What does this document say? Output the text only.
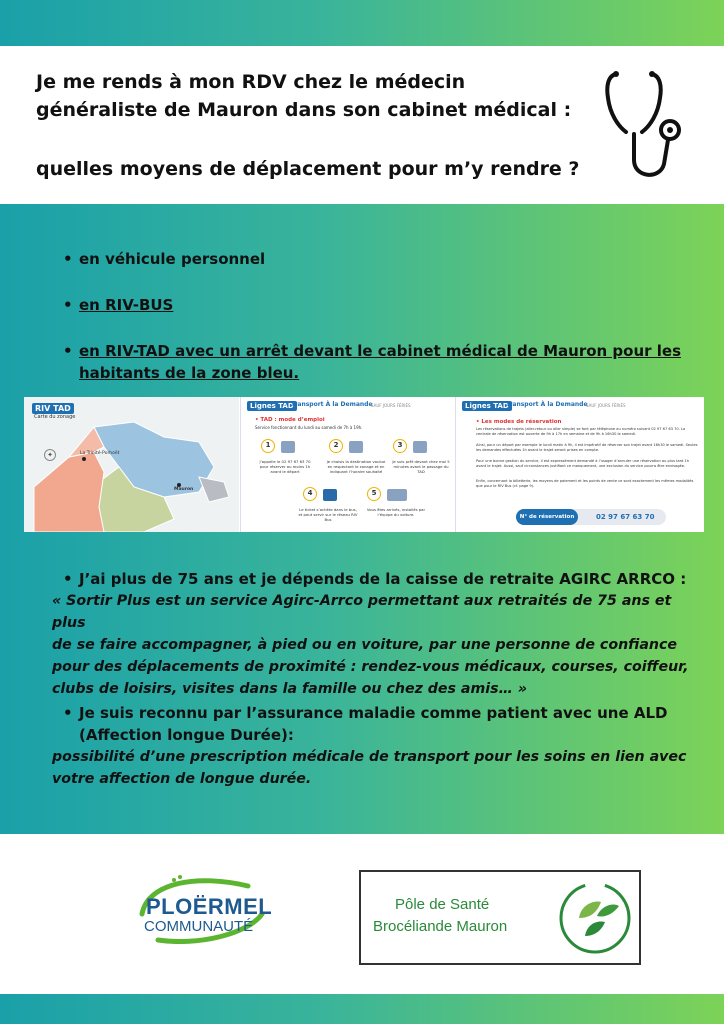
Je me rends à mon RDV chez le médecin
généraliste de Mauron dans son cabinet médical :
quelles moyens de déplacement pour m’y rendre ?
• en véhicule personnel
• en RIV-BUS
• en RIV-TAD avec un arrêt devant le cabinet médical de Mauron pour les
habitants de la zone bleu.
RIV TAD
Carte du zonage
La Trinité-Porhoët
Mauron
✦
Lignes TAD
Transport À la Demande
SAUF JOURS FÉRIÉS
• TAD : mode d’emploi
Service fonctionnant du lundi au samedi de 7h à 19h.
1
J’appelle le 02 97 67 63 70 pour réserver au moins 1h avant le départ
2
Je choisis la destination voulue en respectant le zonage et en indiquant l’horaire souhaité
3
Je suis prêt devant chez moi 5 minutes avant le passage du TAD
4
Le ticket s’achète dans le bus, et peut servir sur le réseau RIV Bus
5
Vous êtes arrivés, installés par l’équipe du voiture.
Lignes TAD
Transport À la Demande
SAUF JOURS FÉRIÉS
• Les modes de réservation
Les réservations de trajets (aller-retour ou aller simple) se font par téléphone au numéro suivant 02 97 67 63 70. La centrale de réservation est ouverte de 9h à 17h en semaine et de 9h à 16h30 le samedi.
Ainsi, pour un départ par exemple le lundi matin à 9h, il est impératif de réserver son trajet avant 16h30 le samedi. Seules les demandes effectuées 1h avant le trajet seront prises en compte.
Pour une bonne gestion du service, il est expressément demandé à l’usager d’annuler une réservation au plus tard 1h avant le trajet. Aussi, sauf circonstances justifiant ce manquement, une exclusion du service pourra être envisagée.
Enfin, concernant la billetterie, les moyens de paiement et les points de vente ce sont exactement les mêmes modalités que pour le RIV Bus (cf. page 9).
N° de réservation	02 97 67 63 70
• J’ai plus de 75 ans et je dépends de la caisse de retraite AGIRC ARRCO :
« Sortir Plus est un service Agirc-Arrco permettant aux retraités de 75 ans et plus
de se faire accompagner, à pied ou en voiture, par une personne de confiance
pour des déplacements de proximité : rendez-vous médicaux, courses, coiffeur,
clubs de loisirs, visites dans la famille ou chez des amis… »
• Je suis reconnu par l’assurance maladie comme patient avec une ALD
(Affection longue Durée):
possibilité d’une prescription médicale de transport pour les soins en lien avec
votre affection de longue durée.
PLOËRMEL
COMMUNAUTÉ
Pôle de Santé
Brocéliande Mauron
